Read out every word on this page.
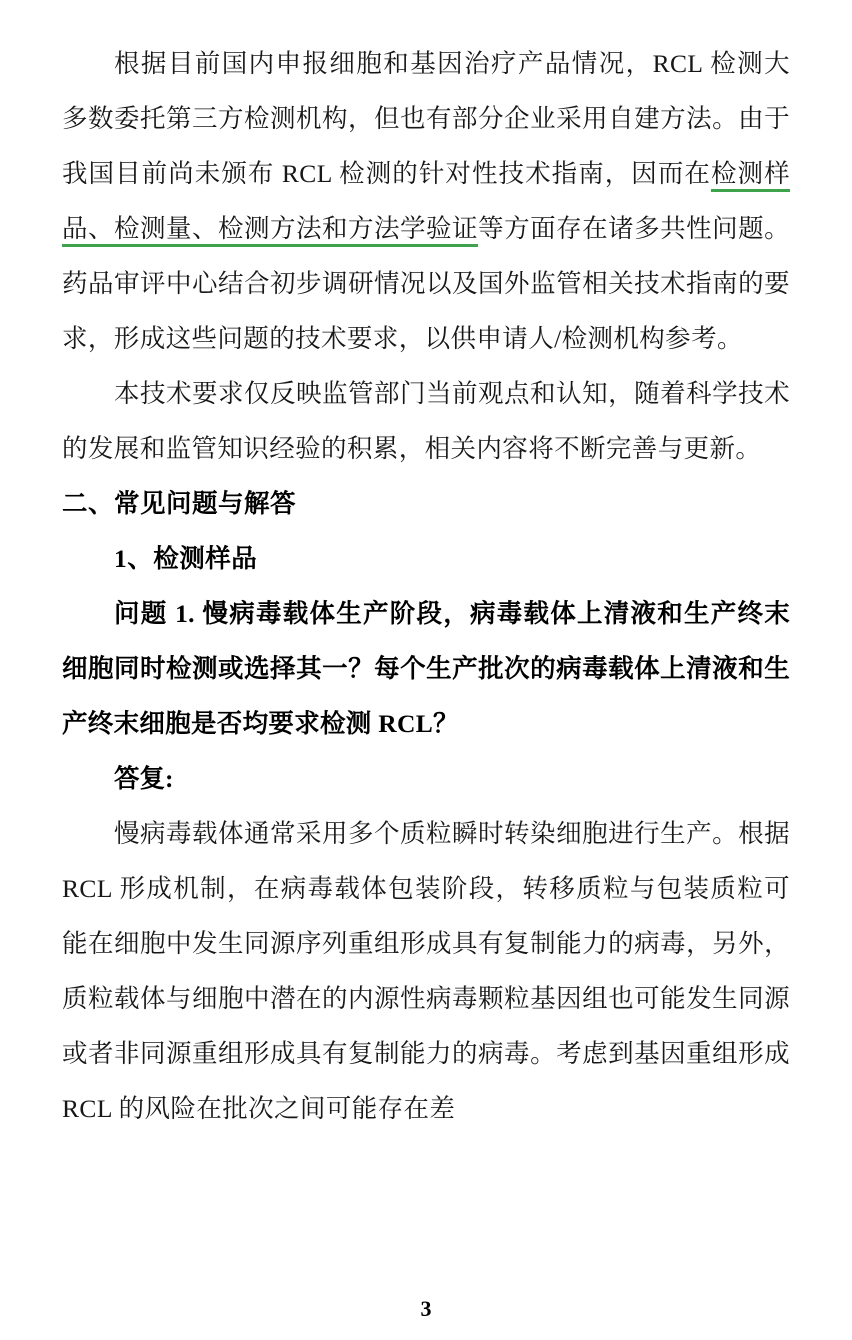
根据目前国内申报细胞和基因治疗产品情况，RCL 检测大多数委托第三方检测机构，但也有部分企业采用自建方法。由于我国目前尚未颁布 RCL 检测的针对性技术指南，因而在检测样品、检测量、检测方法和方法学验证等方面存在诸多共性问题。药品审评中心结合初步调研情况以及国外监管相关技术指南的要求，形成这些问题的技术要求，以供申请人/检测机构参考。

本技术要求仅反映监管部门当前观点和认知，随着科学技术的发展和监管知识经验的积累，相关内容将不断完善与更新。

二、常见问题与解答
1、检测样品

问题 1. 慢病毒载体生产阶段，病毒载体上清液和生产终末细胞同时检测或选择其一？每个生产批次的病毒载体上清液和生产终末细胞是否均要求检测 RCL？

答复:

慢病毒载体通常采用多个质粒瞬时转染细胞进行生产。根据 RCL 形成机制，在病毒载体包装阶段，转移质粒与包装质粒可能在细胞中发生同源序列重组形成具有复制能力的病毒，另外，质粒载体与细胞中潜在的内源性病毒颗粒基因组也可能发生同源或者非同源重组形成具有复制能力的病毒。考虑到基因重组形成 RCL 的风险在批次之间可能存在差

3
